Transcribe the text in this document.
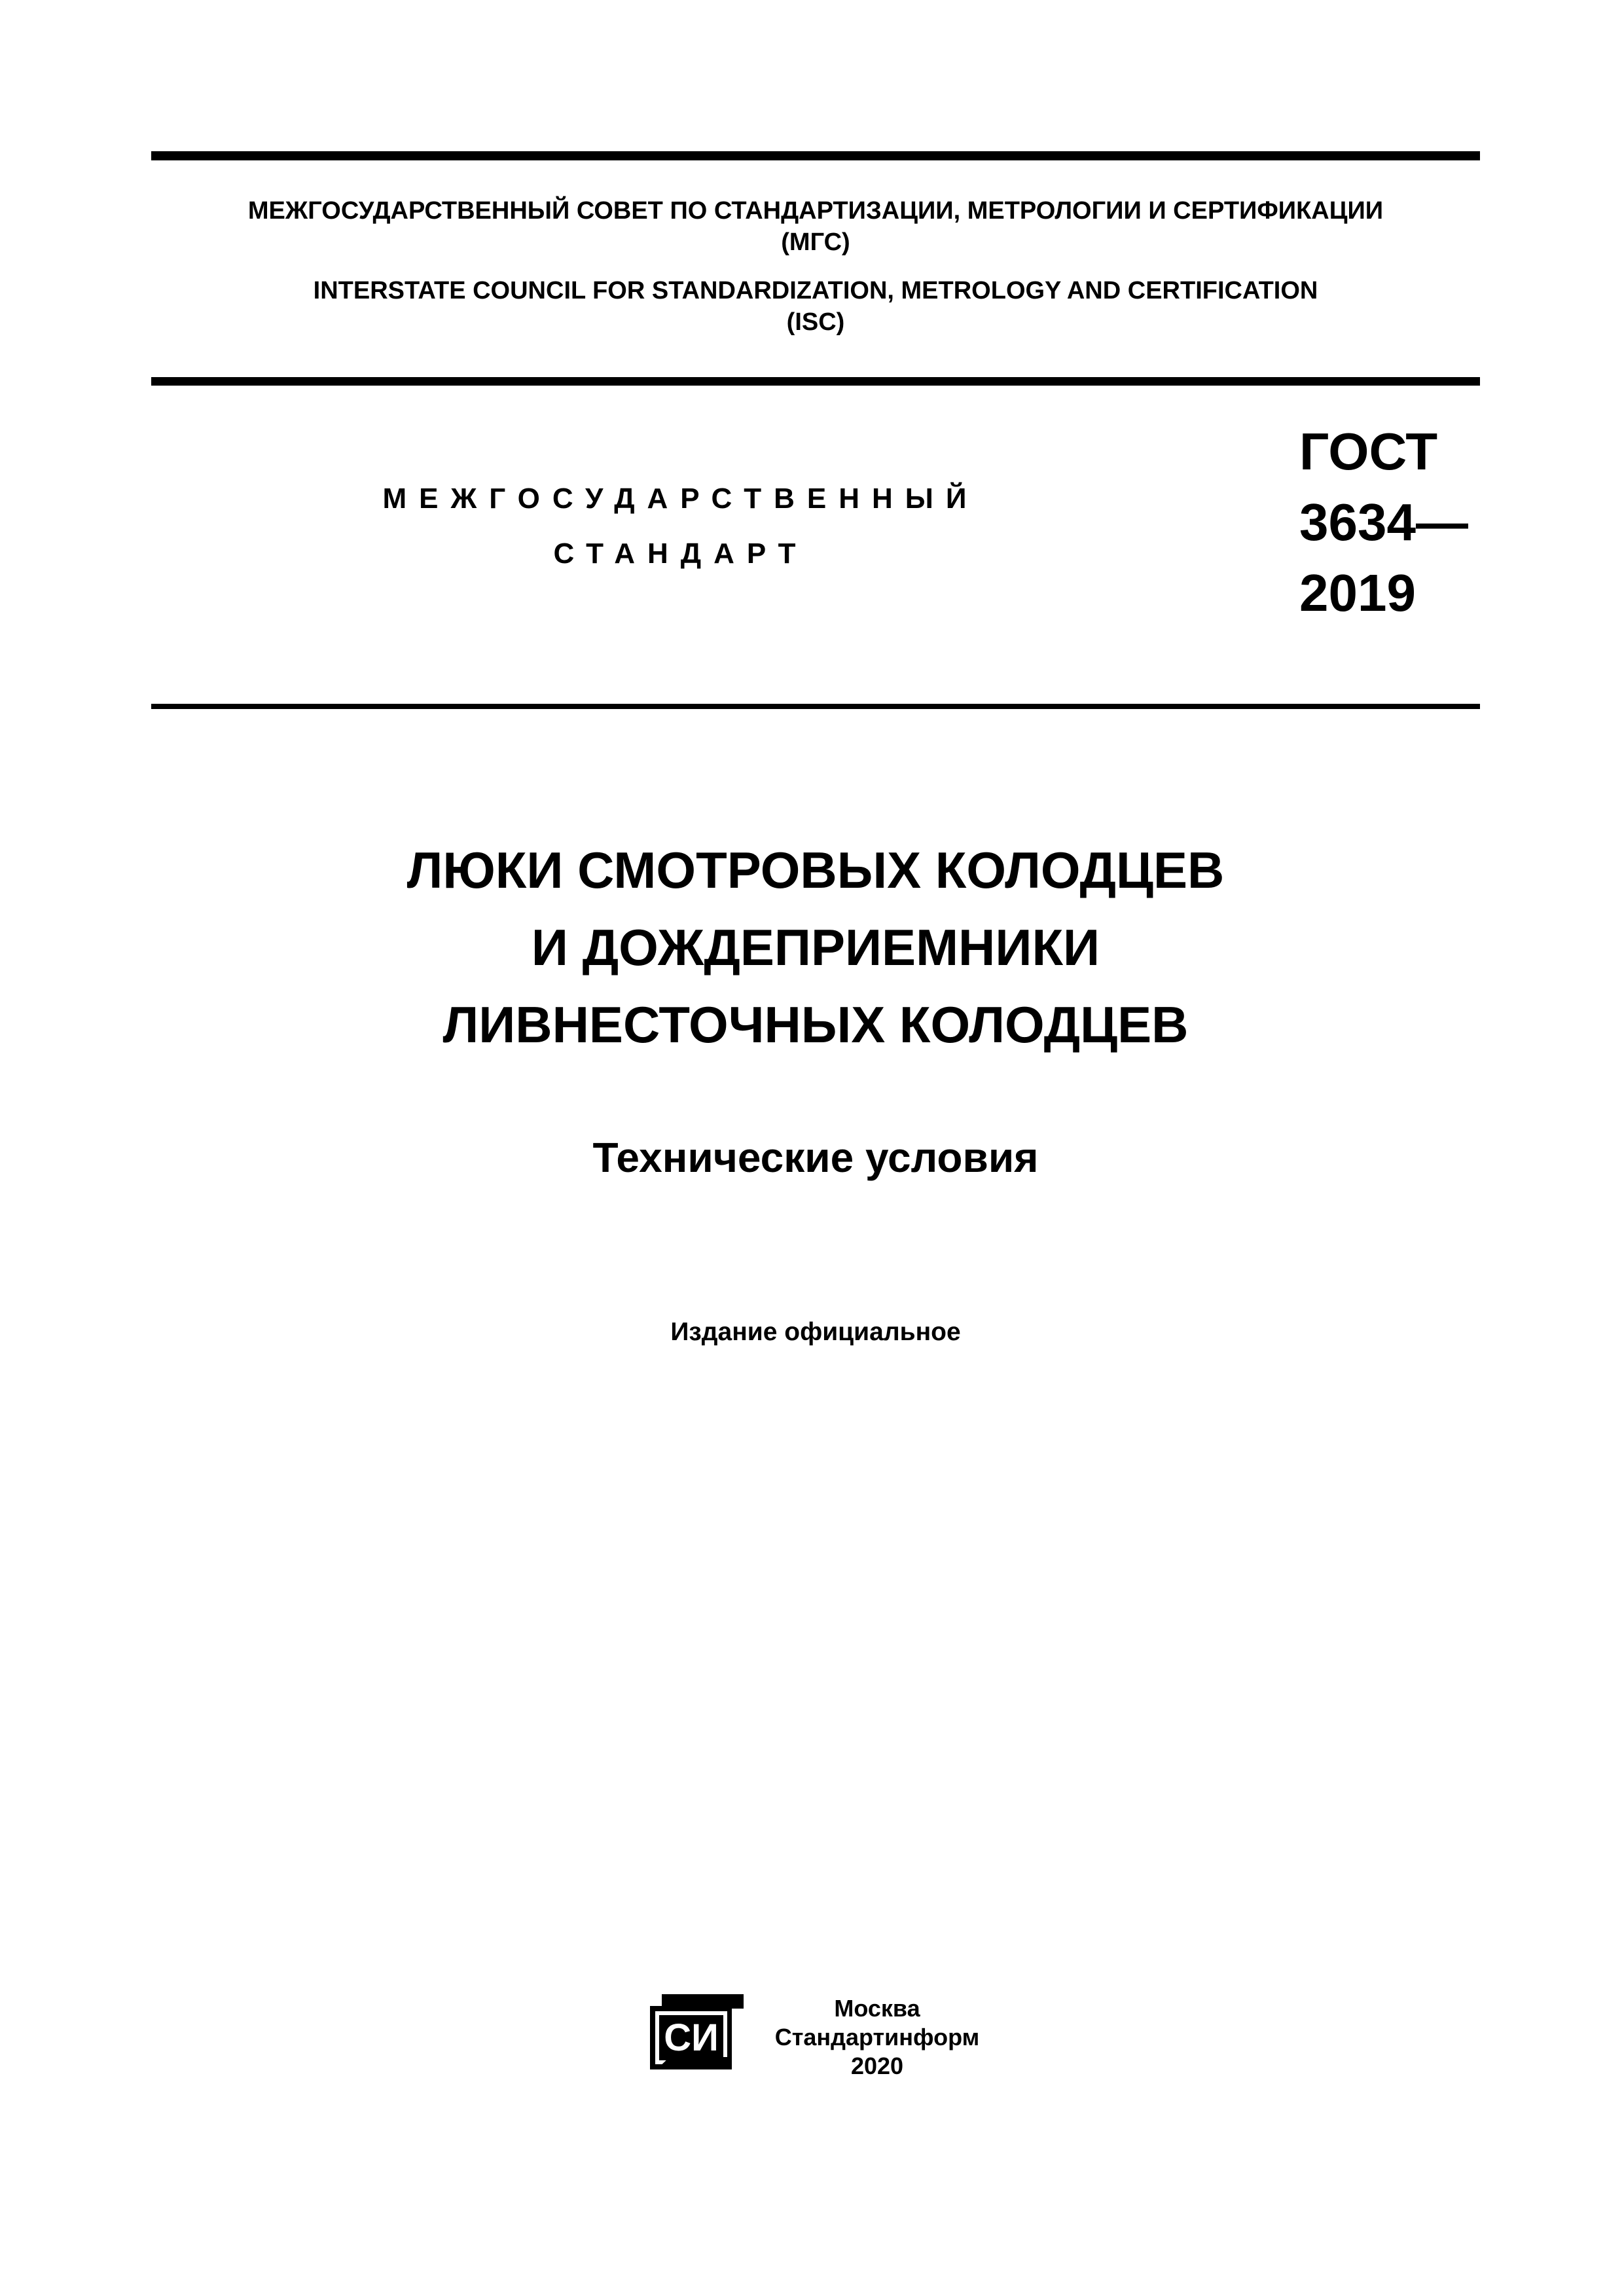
МЕЖГОСУДАРСТВЕННЫЙ СОВЕТ ПО СТАНДАРТИЗАЦИИ, МЕТРОЛОГИИ И СЕРТИФИКАЦИИ
(МГС)
INTERSTATE COUNCIL FOR STANDARDIZATION, METROLOGY AND CERTIFICATION
(ISC)
МЕЖГОСУДАРСТВЕННЫЙ
СТАНДАРТ
ГОСТ
3634—
2019
ЛЮКИ СМОТРОВЫХ КОЛОДЦЕВ
И ДОЖДЕПРИЕМНИКИ
ЛИВНЕСТОЧНЫХ КОЛОДЦЕВ
Технические условия
Издание официальное
СИ
Москва
Стандартинформ
2020
